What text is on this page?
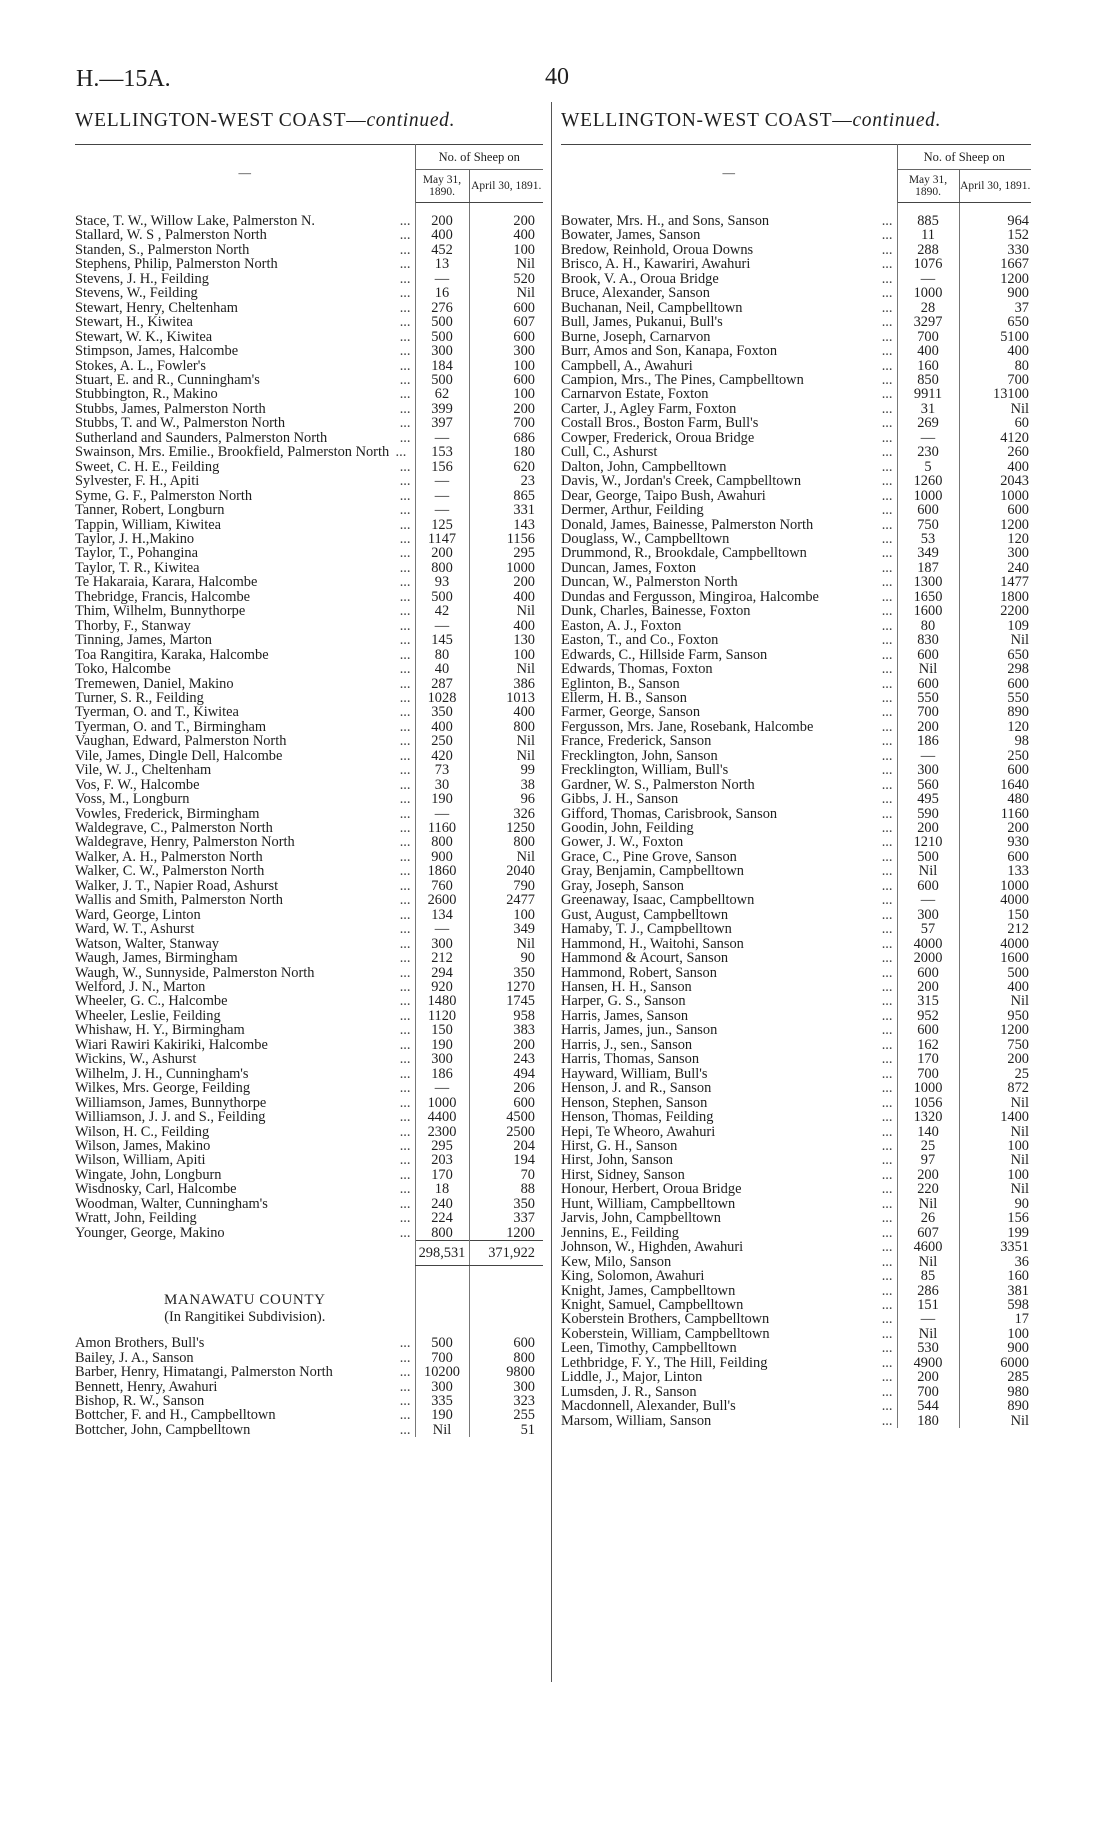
H.—15A.	40
WELLINGTON-WEST COAST—continued.
—	No. of Sheep on	
	May 31, 1890.	April 30, 1891.
Stace, T. W., Willow Lake, Palmerston N. ...	200	200
Stallard, W. S , Palmerston North ...	400	400
Standen, S., Palmerston North ...	452	100
Stephens, Philip, Palmerston North ...	13	Nil
Stevens, J. H., Feilding ...	—	520
Stevens, W., Feilding ...	16	Nil
Stewart, Henry, Cheltenham ...	276	600
Stewart, H., Kiwitea ...	500	607
Stewart, W. K., Kiwitea ...	500	600
Stimpson, James, Halcombe ...	300	300
Stokes, A. L., Fowler's ...	184	100
Stuart, E. and R., Cunningham's ...	500	600
Stubbington, R., Makino ...	62	100
Stubbs, James, Palmerston North ...	399	200
Stubbs, T. and W., Palmerston North ...	397	700
Sutherland and Saunders, Palmerston North ...	—	686
Swainson, Mrs. Emilie., Brookfield, Palmerston North ...	153	180
Sweet, C. H. E., Feilding ...	156	620
Sylvester, F. H., Apiti ...	—	23
Syme, G. F., Palmerston North ...	—	865
Tanner, Robert, Longburn ...	—	331
Tappin, William, Kiwitea ...	125	143
Taylor, J. H.,Makino ...	1147	1156
Taylor, T., Pohangina ...	200	295
Taylor, T. R., Kiwitea ...	800	1000
Te Hakaraia, Karara, Halcombe ...	93	200
Thebridge, Francis, Halcombe ...	500	400
Thim, Wilhelm, Bunnythorpe ...	42	Nil
Thorby, F., Stanway ...	—	400
Tinning, James, Marton ...	145	130
Toa Rangitira, Karaka, Halcombe ...	80	100
Toko, Halcombe ...	40	Nil
Tremewen, Daniel, Makino ...	287	386
Turner, S. R., Feilding ...	1028	1013
Tyerman, O. and T., Kiwitea ...	350	400
Tyerman, O. and T., Birmingham ...	400	800
Vaughan, Edward, Palmerston North ...	250	Nil
Vile, James, Dingle Dell, Halcombe ...	420	Nil
Vile, W. J., Cheltenham ...	73	99
Vos, F. W., Halcombe ...	30	38
Voss, M., Longburn ...	190	96
Vowles, Frederick, Birmingham ...	—	326
Waldegrave, C., Palmerston North ...	1160	1250
Waldegrave, Henry, Palmerston North ...	800	800
Walker, A. H., Palmerston North ...	900	Nil
Walker, C. W., Palmerston North ...	1860	2040
Walker, J. T., Napier Road, Ashurst ...	760	790
Wallis and Smith, Palmerston North ...	2600	2477
Ward, George, Linton ...	134	100
Ward, W. T., Ashurst ...	—	349
Watson, Walter, Stanway ...	300	Nil
Waugh, James, Birmingham ...	212	90
Waugh, W., Sunnyside, Palmerston North ...	294	350
Welford, J. N., Marton ...	920	1270
Wheeler, G. C., Halcombe ...	1480	1745
Wheeler, Leslie, Feilding ...	1120	958
Whishaw, H. Y., Birmingham ...	150	383
Wiari Rawiri Kakiriki, Halcombe ...	190	200
Wickins, W., Ashurst ...	300	243
Wilhelm, J. H., Cunningham's ...	186	494
Wilkes, Mrs. George, Feilding ...	—	206
Williamson, James, Bunnythorpe ...	1000	600
Williamson, J. J. and S., Feilding ...	4400	4500
Wilson, H. C., Feilding ...	2300	2500
Wilson, James, Makino ...	295	204
Wilson, William, Apiti ...	203	194
Wingate, John, Longburn ...	170	70
Wisdnosky, Carl, Halcombe ...	18	88
Woodman, Walter, Cunningham's ...	240	350
Wratt, John, Feilding ...	224	337
Younger, George, Makino ...	800	1200
	298,531	371,922

MANAWATU COUNTY		
(In Rangitikei Subdivision).		
Amon Brothers, Bull's ...	500	600
Bailey, J. A., Sanson ...	700	800
Barber, Henry, Himatangi, Palmerston North ...	10200	9800
Bennett, Henry, Awahuri ...	300	300
Bishop, R. W., Sanson ...	335	323
Bottcher, F. and H., Campbelltown ...	190	255
Bottcher, John, Campbelltown ...	Nil	51
WELLINGTON-WEST COAST—continued.
—	No. of Sheep on	
	May 31, 1890.	April 30, 1891.
Bowater, Mrs. H., and Sons, Sanson ...	885	964
Bowater, James, Sanson ...	11	152
Bredow, Reinhold, Oroua Downs ...	288	330
Brisco, A. H., Kawariri, Awahuri ...	1076	1667
Brook, V. A., Oroua Bridge ...	—	1200
Bruce, Alexander, Sanson ...	1000	900
Buchanan, Neil, Campbelltown ...	28	37
Bull, James, Pukanui, Bull's ...	3297	650
Burne, Joseph, Carnarvon ...	700	5100
Burr, Amos and Son, Kanapa, Foxton ...	400	400
Campbell, A., Awahuri ...	160	80
Campion, Mrs., The Pines, Campbelltown ...	850	700
Carnarvon Estate, Foxton ...	9911	13100
Carter, J., Agley Farm, Foxton ...	31	Nil
Costall Bros., Boston Farm, Bull's ...	269	60
Cowper, Frederick, Oroua Bridge ...	—	4120
Cull, C., Ashurst ...	230	260
Dalton, John, Campbelltown ...	5	400
Davis, W., Jordan's Creek, Campbelltown ...	1260	2043
Dear, George, Taipo Bush, Awahuri ...	1000	1000
Dermer, Arthur, Feilding ...	600	600
Donald, James, Bainesse, Palmerston North ...	750	1200
Douglass, W., Campbelltown ...	53	120
Drummond, R., Brookdale, Campbelltown ...	349	300
Duncan, James, Foxton ...	187	240
Duncan, W., Palmerston North ...	1300	1477
Dundas and Fergusson, Mingiroa, Halcombe ...	1650	1800
Dunk, Charles, Bainesse, Foxton ...	1600	2200
Easton, A. J., Foxton ...	80	109
Easton, T., and Co., Foxton ...	830	Nil
Edwards, C., Hillside Farm, Sanson ...	600	650
Edwards, Thomas, Foxton ...	Nil	298
Eglinton, B., Sanson ...	600	600
Ellerm, H. B., Sanson ...	550	550
Farmer, George, Sanson ...	700	890
Fergusson, Mrs. Jane, Rosebank, Halcombe ...	200	120
France, Frederick, Sanson ...	186	98
Frecklington, John, Sanson ...	—	250
Frecklington, William, Bull's ...	300	600
Gardner, W. S., Palmerston North ...	560	1640
Gibbs, J. H., Sanson ...	495	480
Gifford, Thomas, Carisbrook, Sanson ...	590	1160
Goodin, John, Feilding ...	200	200
Gower, J. W., Foxton ...	1210	930
Grace, C., Pine Grove, Sanson ...	500	600
Gray, Benjamin, Campbelltown ...	Nil	133
Gray, Joseph, Sanson ...	600	1000
Greenaway, Isaac, Campbelltown ...	—	4000
Gust, August, Campbelltown ...	300	150
Hamaby, T. J., Campbelltown ...	57	212
Hammond, H., Waitohi, Sanson ...	4000	4000
Hammond & Acourt, Sanson ...	2000	1600
Hammond, Robert, Sanson ...	600	500
Hansen, H. H., Sanson ...	200	400
Harper, G. S., Sanson ...	315	Nil
Harris, James, Sanson ...	952	950
Harris, James, jun., Sanson ...	600	1200
Harris, J., sen., Sanson ...	162	750
Harris, Thomas, Sanson ...	170	200
Hayward, William, Bull's ...	700	25
Henson, J. and R., Sanson ...	1000	872
Henson, Stephen, Sanson ...	1056	Nil
Henson, Thomas, Feilding ...	1320	1400
Hepi, Te Wheoro, Awahuri ...	140	Nil
Hirst, G. H., Sanson ...	25	100
Hirst, John, Sanson ...	97	Nil
Hirst, Sidney, Sanson ...	200	100
Honour, Herbert, Oroua Bridge ...	220	Nil
Hunt, William, Campbelltown ...	Nil	90
Jarvis, John, Campbelltown ...	26	156
Jennins, E., Feilding ...	607	199
Johnson, W., Highden, Awahuri ...	4600	3351
Kew, Milo, Sanson ...	Nil	36
King, Solomon, Awahuri ...	85	160
Knight, James, Campbelltown ...	286	381
Knight, Samuel, Campbelltown ...	151	598
Koberstein Brothers, Campbelltown ...	—	17
Koberstein, William, Campbelltown ...	Nil	100
Leen, Timothy, Campbelltown ...	530	900
Lethbridge, F. Y., The Hill, Feilding ...	4900	6000
Liddle, J., Major, Linton ...	200	285
Lumsden, J. R., Sanson ...	700	980
Macdonnell, Alexander, Bull's ...	544	890
Marsom, William, Sanson ...	180	Nil
